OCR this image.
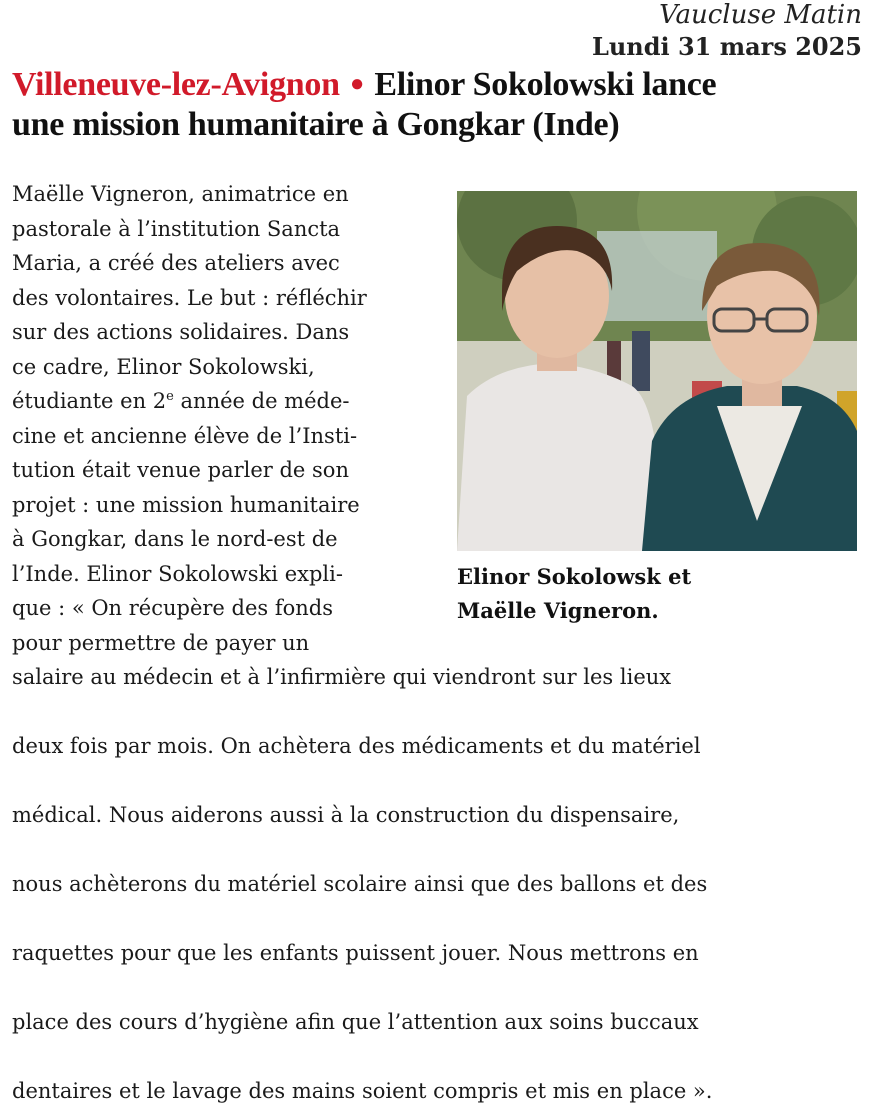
Vaucluse Matin
Lundi 31 mars 2025
Villeneuve-lez-Avignon ● Elinor Sokolowski lance
une mission humanitaire à Gongkar (Inde)

Maëlle Vigneron, animatrice en
pastorale à l’institution Sancta
Maria, a créé des ateliers avec
des volontaires. Le but : réfléchir
sur des actions solidaires. Dans
ce cadre, Elinor Sokolowski,
étudiante en 2e année de méde-
cine et ancienne élève de l’Insti-
tution était venue parler de son
projet : une mission humanitaire
à Gongkar, dans le nord-est de
l’Inde. Elinor Sokolowski expli-
que : « On récupère des fonds
pour permettre de payer un

salaire au médecin et à l’infirmière qui viendront sur les lieux

deux fois par mois. On achètera des médicaments et du matériel

médical. Nous aiderons aussi à la construction du dispensaire,

nous achèterons du matériel scolaire ainsi que des ballons et des

raquettes pour que les enfants puissent jouer. Nous mettrons en

place des cours d’hygiène afin que l’attention aux soins buccaux

dentaires et le lavage des mains soient compris et mis en place ».
Elinor Sokolowsk et
Maëlle Vigneron.
